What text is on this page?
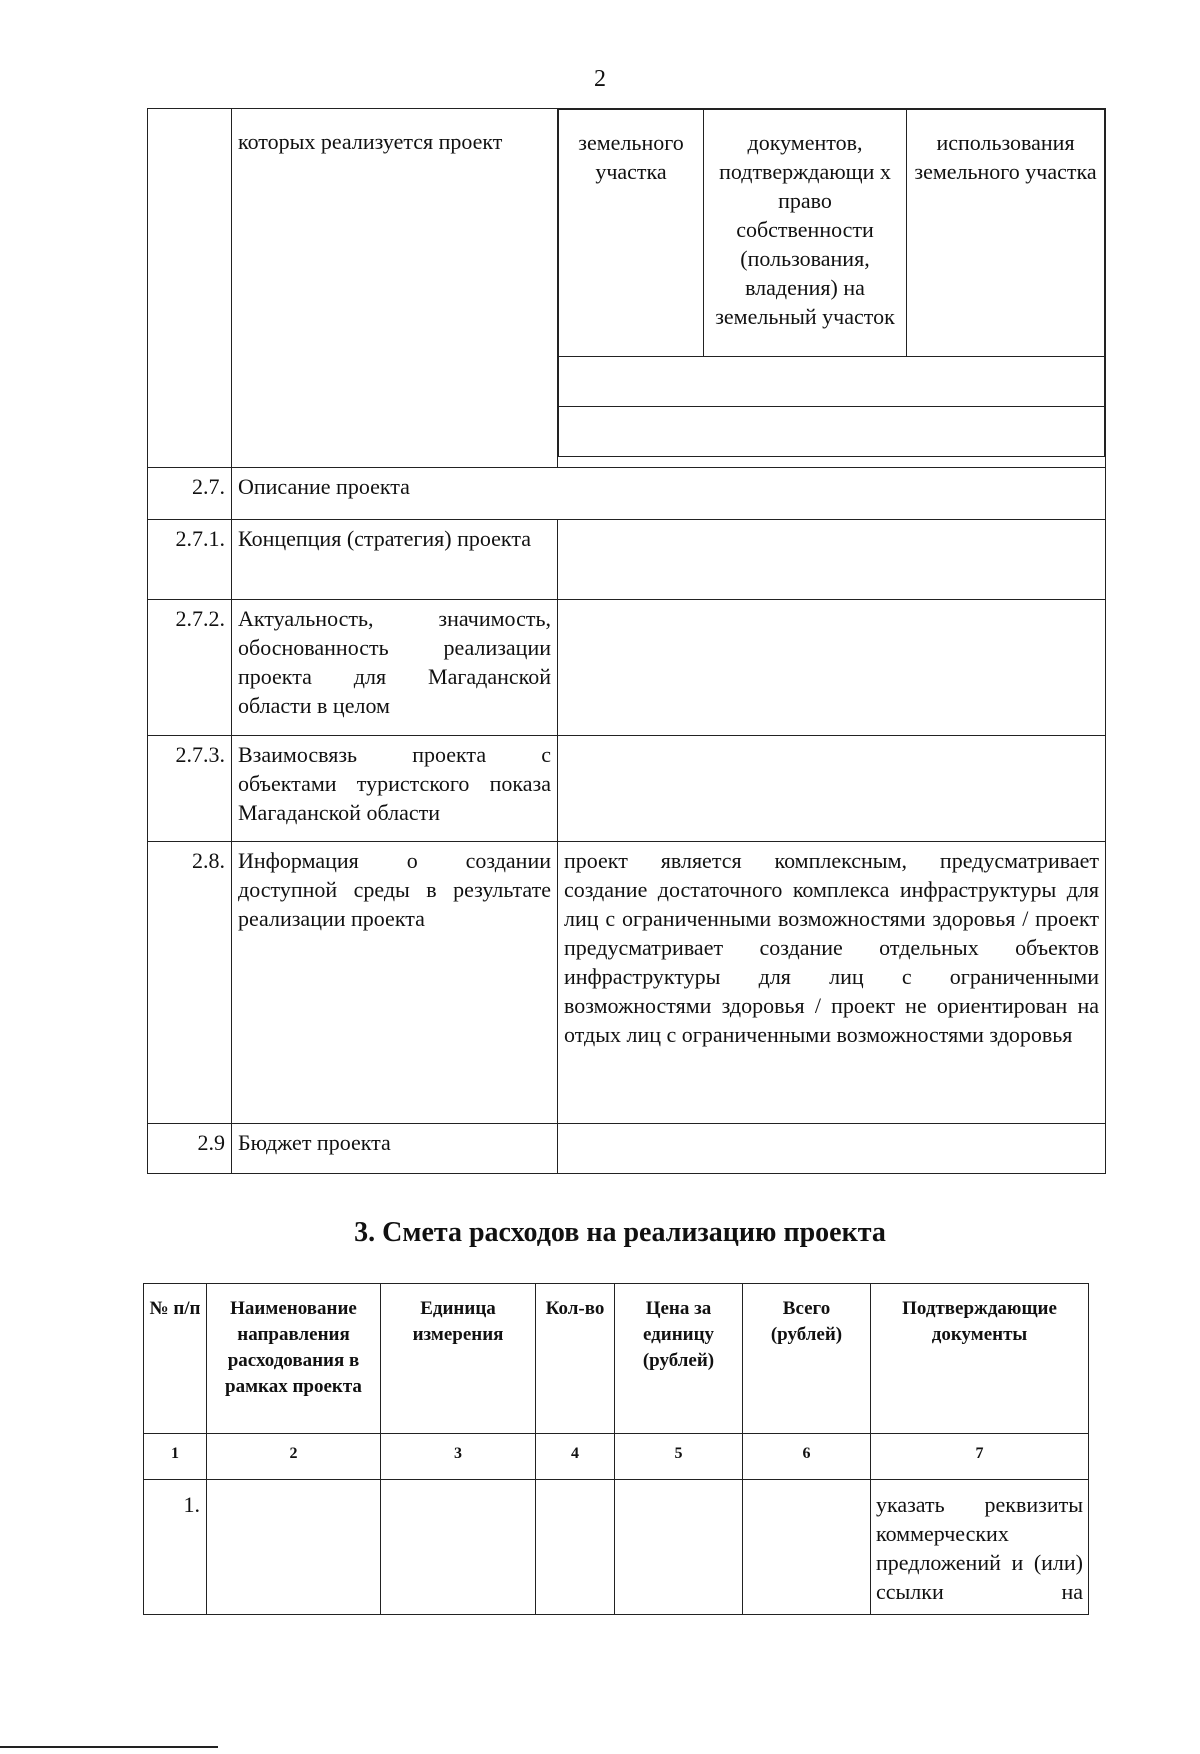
2
	которых реализуется проект		земельного участка	документов, подтверждающи х право собственности (пользования, владения) на земельный участок	использования земельного участка

2.7.	Описание проекта
2.7.1.	Концепция (стратегия) проекта	
2.7.2.	Актуальность, значимость, обоснованность реализации проекта для Магаданской области в целом	
2.7.3.	Взаимосвязь проекта с объектами туристского показа Магаданской области	
2.8.	Информация о создании доступной среды в результате реализации проекта	проект является комплексным, предусматривает создание достаточного комплекса инфраструктуры для лиц с ограниченными возможностями здоровья / проект предусматривает создание отдельных объектов инфраструктуры для лиц с ограниченными возможностями здоровья / проект не ориентирован на отдых лиц с ограниченными возможностями здоровья
2.9	Бюджет проекта	
3. Смета расходов на реализацию проекта
№ п/п	Наименование направления расходования в рамках проекта	Единица измерения	Кол-во	Цена за единицу (рублей)	Всего (рублей)	Подтверждающие документы
1	2	3	4	5	6	7
1.						указать реквизиты коммерческих предложений и (или) ссылки на
